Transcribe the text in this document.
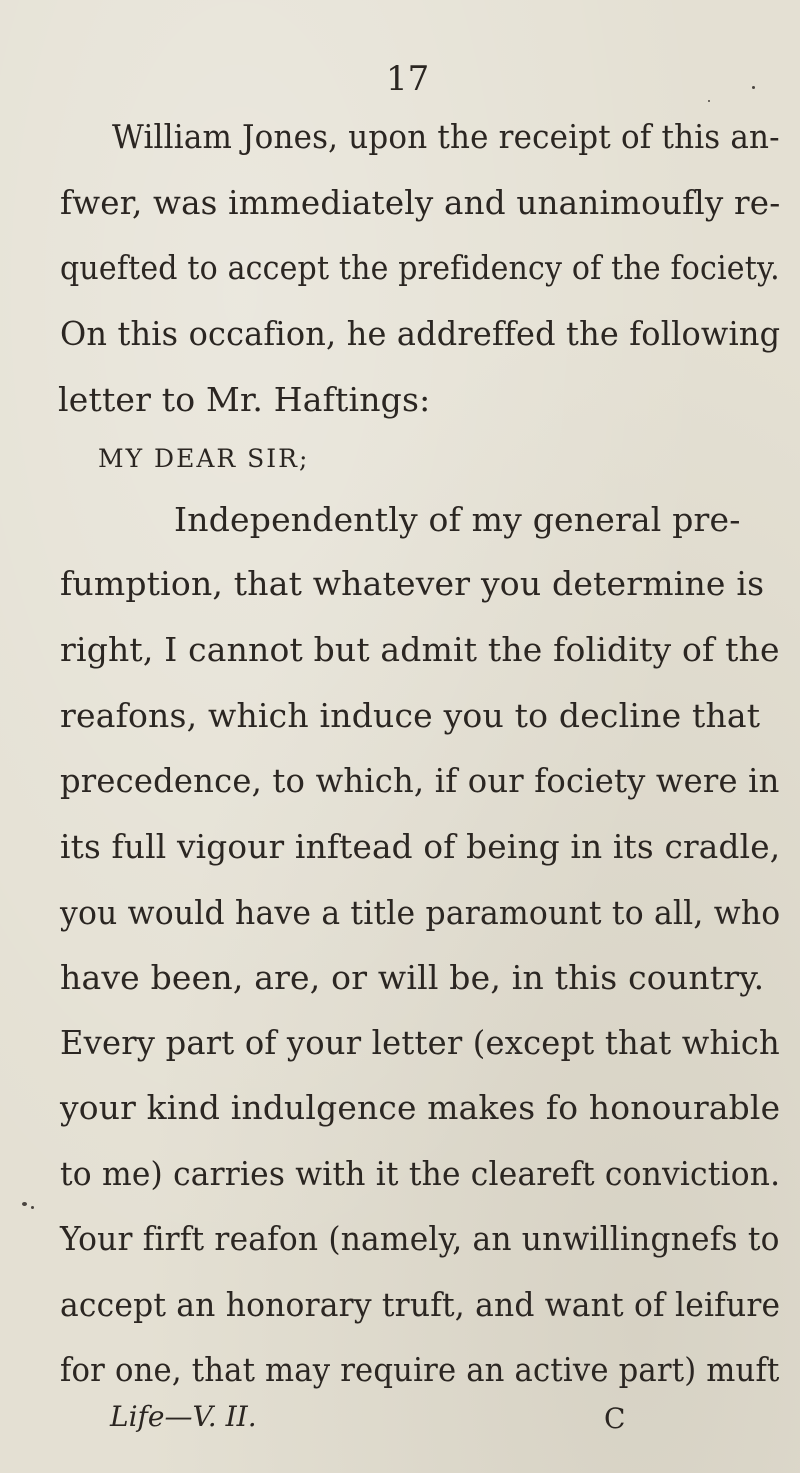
17

William Jones, upon the receipt of this an-

fwer, was immediately and unanimoufly re-

quefted to accept the prefidency of the fociety.

On this occafion, he addreffed the following

letter to Mr. Haftings:

MY DEAR SIR;

Independently of my general pre-

fumption, that whatever you determine is

right, I cannot but admit the folidity of the

reafons, which induce you to decline that

precedence, to which, if our fociety were in

its full vigour inftead of being in its cradle,

you would have a title paramount to all, who

have been, are, or will be, in this country.

Every part of your letter (except that which

your kind indulgence makes fo honourable

to me) carries with it the cleareft conviction.

Your firft reafon (namely, an unwillingnefs to

accept an honorary truft, and want of leifure

for one, that may require an active part) muft

Life—V. II.	C
